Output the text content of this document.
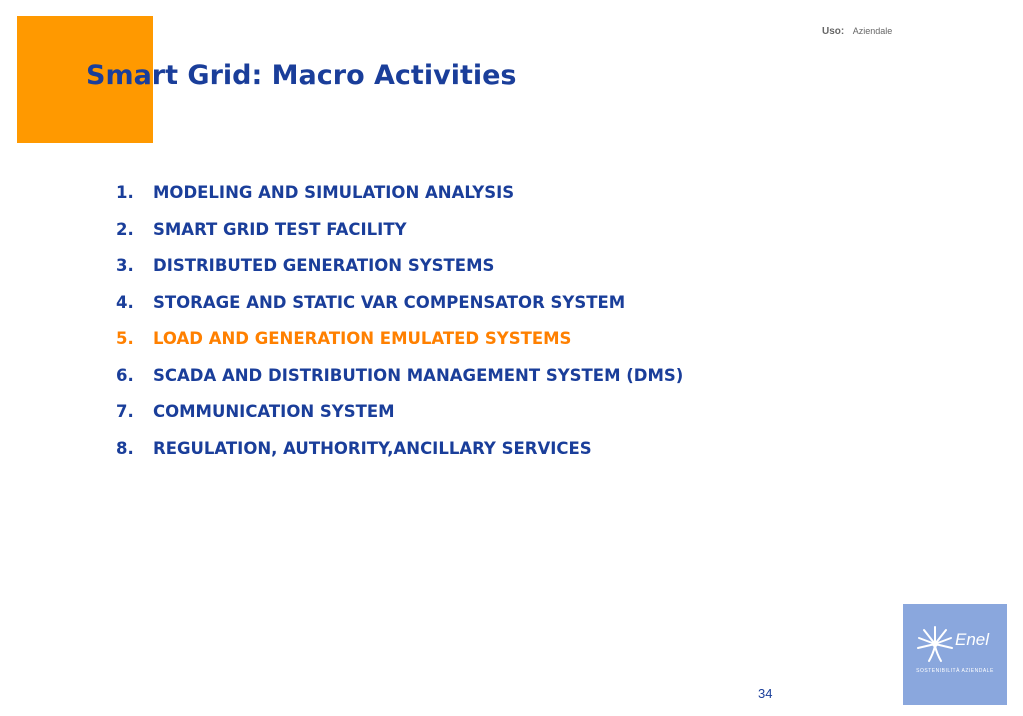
Uso: Aziendale
Smart Grid: Macro Activities
1. MODELING AND SIMULATION ANALYSIS
2. SMART GRID TEST FACILITY
3. DISTRIBUTED GENERATION SYSTEMS
4. STORAGE AND STATIC VAR COMPENSATOR SYSTEM
5. LOAD AND GENERATION EMULATED SYSTEMS
6. SCADA AND DISTRIBUTION MANAGEMENT SYSTEM (DMS)
7. COMMUNICATION SYSTEM
8. REGULATION, AUTHORITY,ANCILLARY SERVICES
34
Enel
SOSTENIBILITÀ AZIENDALE
